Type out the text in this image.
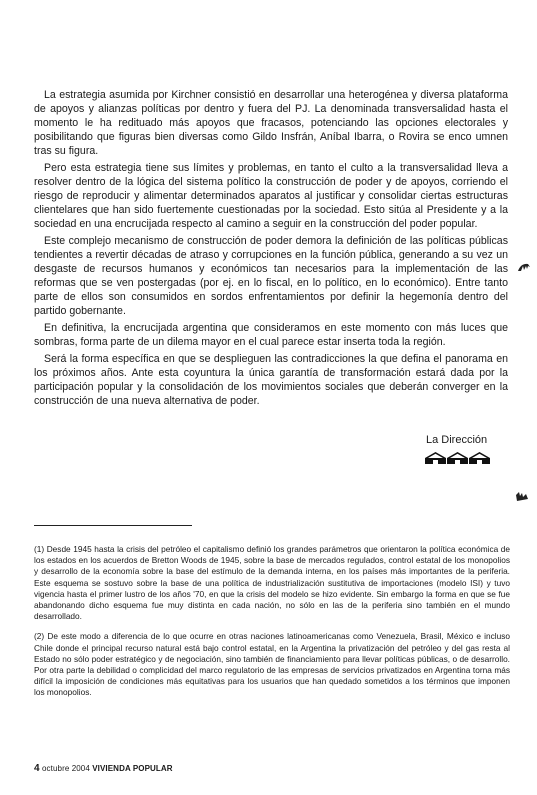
La estrategia asumida por Kirchner consistió en desarrollar una heterogénea y diversa plataforma de apoyos y alianzas políticas por dentro y fuera del PJ. La denominada transversalidad hasta el momento le ha redituado más apoyos que fracasos, potenciando las opciones electorales y posibilitando que figuras bien diversas como Gildo Insfrán, Aníbal Ibarra, o Rovira se enco umnen tras su figura.

Pero esta estrategia tiene sus límites y problemas, en tanto el culto a la transversalidad lleva a resolver dentro de la lógica del sistema político la construcción de poder y de apoyos, corriendo el riesgo de reproducir y alimentar determinados aparatos al justificar y consolidar ciertas estructuras clientelares que han sido fuertemente cuestionadas por la sociedad. Esto sitúa al Presidente y a la sociedad en una encrucijada respecto al camino a seguir en la construcción del poder popular.

Este complejo mecanismo de construcción de poder demora la definición de las políticas públicas tendientes a revertir décadas de atraso y corrupciones en la función pública, generando a su vez un desgaste de recursos humanos y económicos tan necesarios para la implementación de las reformas que se ven postergadas (por ej. en lo fiscal, en lo político, en lo económico). Entre tanto parte de ellos son consumidos en sordos enfrentamientos por definir la hegemonía dentro del partido gobernante.

En definitiva, la encrucijada argentina que consideramos en este momento con más luces que sombras, forma parte de un dilema mayor en el cual parece estar inserta toda la región.

Será la forma específica en que se desplieguen las contradicciones la que defina el panorama en los próximos años. Ante esta coyuntura la única garantía de transformación estará dada por la participación popular y la consolidación de los movimientos sociales que deberán converger en la construcción de una nueva alternativa de poder.

La Dirección

(1) Desde 1945 hasta la crisis del petróleo el capitalismo definió los grandes parámetros que orientaron la política económica de los estados en los acuerdos de Bretton Woods de 1945, sobre la base de mercados regulados, control estatal de los monopolios y desarrollo de la economía sobre la base del estímulo de la demanda interna, en los países más importantes de la periferia. Este esquema se sostuvo sobre la base de una política de industrialización sustitutiva de importaciones (modelo ISI) y tuvo vigencia hasta el primer lustro de los años '70, en que la crisis del modelo se hizo evidente. Sin embargo la forma en que se fue abandonando dicho esquema fue muy distinta en cada nación, no sólo en las de la periferia sino también en el mundo desarrollado.

(2) De este modo a diferencia de lo que ocurre en otras naciones latinoamericanas como Venezuela, Brasil, México e incluso Chile donde el principal recurso natural está bajo control estatal, en la Argentina la privatización del petróleo y del gas resta al Estado no sólo poder estratégico y de negociación, sino también de financiamiento para llevar políticas públicas, o de desarrollo. Por otra parte la debilidad o complicidad del marco regulatorio de las empresas de servicios privatizados en Argentina torna más difícil la imposición de condiciones más equitativas para los usuarios que han quedado sometidos a los términos que imponen los monopolios.

4 octubre 2004 VIVIENDA POPULAR
